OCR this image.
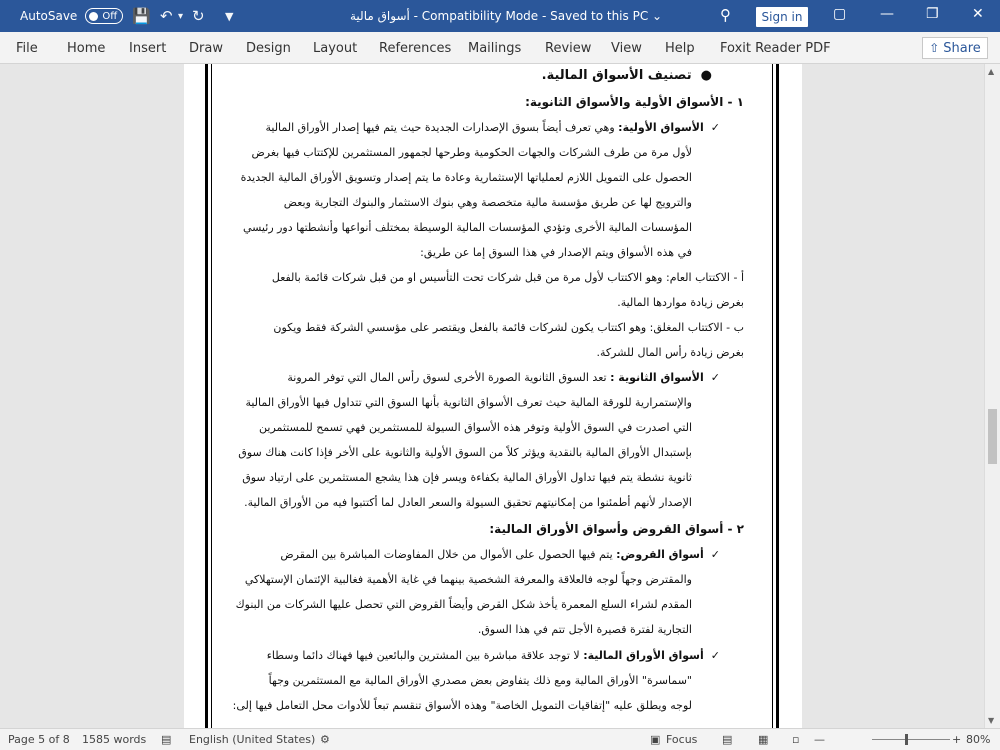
AutoSave	Off 💾 ↶ ▾ ↻ ▼	أسواق مالية - Compatibility Mode - Saved to this PC ⌄	⚲	Sign in	▢ — ❐ ✕
File Home Insert Draw Design Layout References Mailings Review View Help Foxit Reader PDF	⇧ Share
●  تصنيف الأسواق المالية.
١ - الأسواق الأولية والأسواق الثانوية:
✓  الأسواق الأولية: وهي تعرف أيضاً بسوق الإصدارات الجديدة حيث يتم فيها إصدار الأوراق المالية
لأول مرة من طرف الشركات والجهات الحكومية وطرحها لجمهور المستثمرين للإكتتاب فيها بغرض
الحصول على التمويل اللازم لعملياتها الإستثمارية وعادة ما يتم إصدار وتسويق الأوراق المالية الجديدة
والترويج لها عن طريق مؤسسة مالية متخصصة وهي بنوك الاستثمار والبنوك التجارية وبعض
المؤسسات المالية الأخرى وتؤدي المؤسسات المالية الوسيطة بمختلف أنواعها وأنشطتها دور رئيسي
في هذه الأسواق ويتم الإصدار في هذا السوق إما عن طريق:
أ - الاكتتاب العام: وهو الاكتتاب لأول مرة من قبل شركات تحت التأسيس او من قبل شركات قائمة بالفعل
بغرض زيادة مواردها المالية.
ب - الاكتتاب المغلق: وهو اكتتاب يكون لشركات قائمة بالفعل ويقتصر على مؤسسي الشركة فقط ويكون
بغرض زيادة رأس المال للشركة.
✓  الأسواق الثانوية : تعد السوق الثانوية الصورة الأخرى لسوق رأس المال التي توفر المرونة
والإستمرارية للورقة المالية حيث تعرف الأسواق الثانوية بأنها السوق التي تتداول فيها الأوراق المالية
التي اصدرت في السوق الأولية وتوفر هذه الأسواق السيولة للمستثمرين فهي تسمح للمستثمرين
بإستبدال الأوراق المالية بالنقدية ويؤثر كلاً من السوق الأولية والثانوية على الأخر فإذا كانت هناك سوق
ثانوية نشطة يتم فيها تداول الأوراق المالية بكفاءة ويسر فإن هذا يشجع المستثمرين على ارتياد سوق
الإصدار لأنهم أطمئنوا من إمكانيتهم تحقيق السيولة والسعر العادل لما أكتتبوا فيه من الأوراق المالية.
٢ - أسواق القروض وأسواق الأوراق المالية:
✓  أسواق القروض: يتم فيها الحصول على الأموال من خلال المفاوضات المباشرة بين المقرض
والمقترض وجهاً لوجه فالعلاقة والمعرفة الشخصية بينهما في غاية الأهمية فغالبية الإئتمان الإستهلاكي
المقدم لشراء السلع المعمرة يأخذ شكل القرض وأيضاً القروض التي تحصل عليها الشركات من البنوك
التجارية لفترة قصيرة الأجل تتم في هذا السوق.
✓  أسواق الأوراق المالية: لا توجد علاقة مباشرة بين المشترين والبائعين فيها فهناك دائما وسطاء
"سماسرة" الأوراق المالية ومع ذلك يتفاوض بعض مصدري الأوراق المالية مع المستثمرين وجهاً
لوجه ويطلق عليه "إتفاقيات التمويل الخاصة" وهذه الأسواق تنقسم تبعاً للأدوات محل التعامل فيها إلى:
▲
▼
Page 5 of 8 1585 words ▤ English (United States) ⚙	▣ Focus ▤ ▦ ▫ —	+ 80%
